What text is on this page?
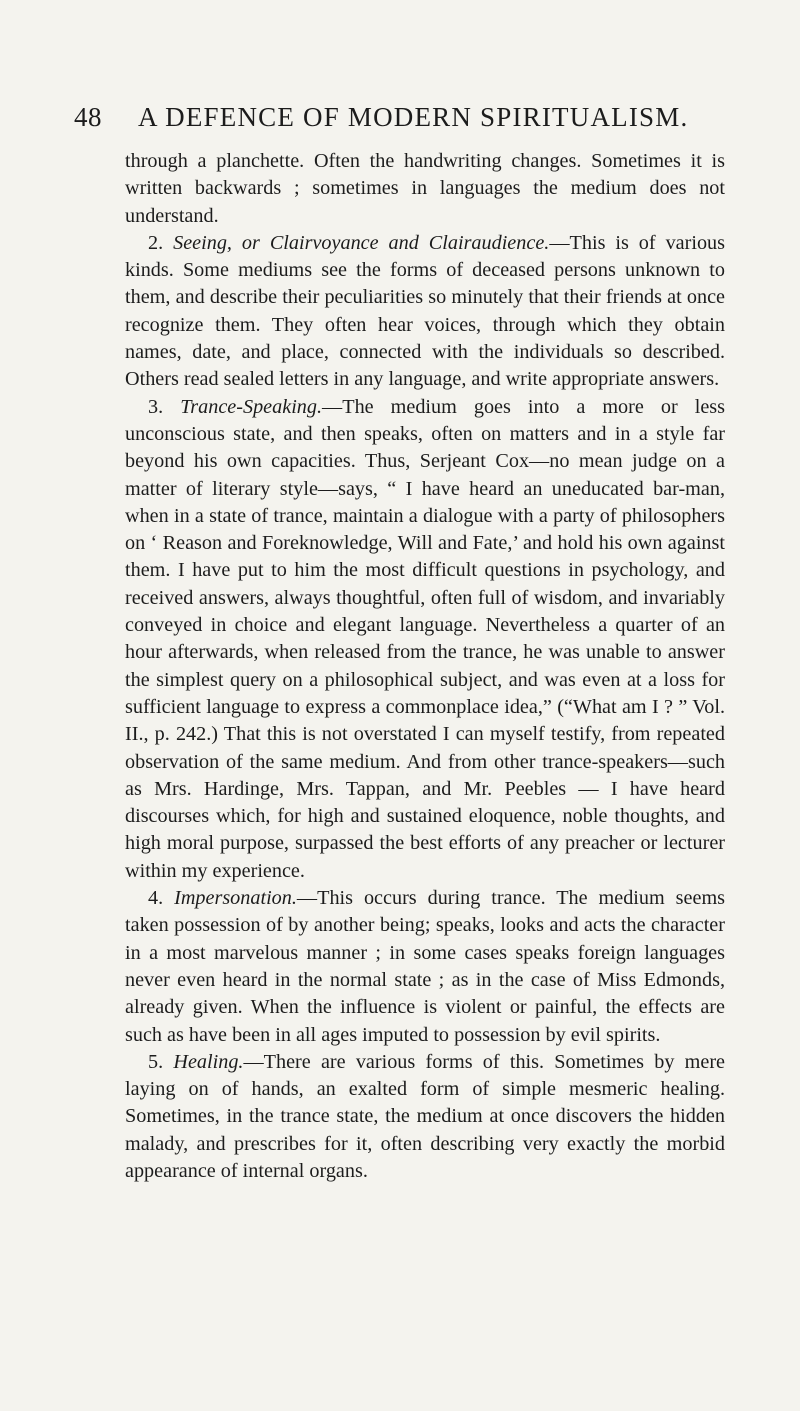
48 A DEFENCE OF MODERN SPIRITUALISM.

through a planchette. Often the handwriting changes. Sometimes it is written backwards ; sometimes in languages the medium does not understand.

2. Seeing, or Clairvoyance and Clairaudience.—This is of various kinds. Some mediums see the forms of deceased persons unknown to them, and describe their peculiarities so minutely that their friends at once recognize them. They often hear voices, through which they obtain names, date, and place, connected with the individuals so described. Others read sealed letters in any language, and write appropriate answers.

3. Trance-Speaking.—The medium goes into a more or less unconscious state, and then speaks, often on matters and in a style far beyond his own capacities. Thus, Serjeant Cox—no mean judge on a matter of literary style—says, “ I have heard an uneducated bar-man, when in a state of trance, maintain a dialogue with a party of philosophers on ‘ Reason and Foreknowledge, Will and Fate,’ and hold his own against them. I have put to him the most difficult questions in psychology, and received answers, always thoughtful, often full of wisdom, and invariably conveyed in choice and elegant language. Nevertheless a quarter of an hour afterwards, when released from the trance, he was unable to answer the simplest query on a philosophical subject, and was even at a loss for sufficient language to express a commonplace idea,” (“What am I ? ” Vol. II., p. 242.) That this is not overstated I can myself testify, from repeated observation of the same medium. And from other trance-speakers—such as Mrs. Hardinge, Mrs. Tappan, and Mr. Peebles — I have heard discourses which, for high and sustained eloquence, noble thoughts, and high moral purpose, surpassed the best efforts of any preacher or lecturer within my experience.

4. Impersonation.—This occurs during trance. The medium seems taken possession of by another being; speaks, looks and acts the character in a most marvelous manner ; in some cases speaks foreign languages never even heard in the normal state ; as in the case of Miss Edmonds, already given. When the influence is violent or painful, the effects are such as have been in all ages imputed to possession by evil spirits.

5. Healing.—There are various forms of this. Sometimes by mere laying on of hands, an exalted form of simple mesmeric healing. Sometimes, in the trance state, the medium at once discovers the hidden malady, and prescribes for it, often describing very exactly the morbid appearance of internal organs.
